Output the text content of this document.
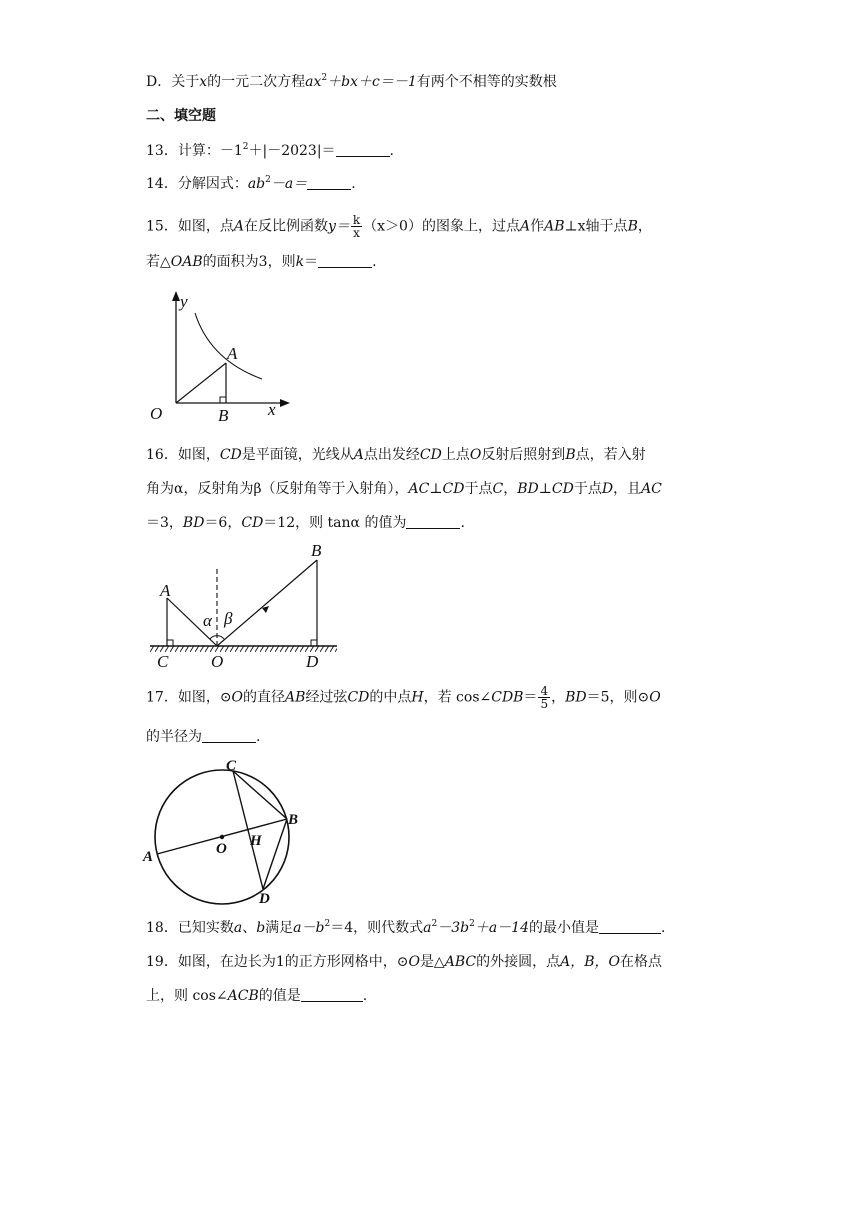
D．关于x的一元二次方程$ax^2+bx+c=-1$有两个不相等的实数根
二、填空题
13．计算：$-1^2+|-2023|=$	.
14．分解因式：$ab^2-a=$	.
15．如图，点A在反比例函数$y= \frac{k}{x} (x>0)$的图象上，过点A作AB⊥x轴于点B，
若△OAB的面积为3，则k＝	.
y
A
O	B x
16．如图，CD是平面镜，光线从A点出发经CD上点O反射后照射到B点，若入射
角为α，反射角为β（反射角等于入射角），AC⊥CD于点C，BD⊥CD于点D，且AC
＝3，BD＝6，CD＝12，则 tanα 的值为	.
A
B
C	O	D
α β
17．如图，⊙O的直径AB经过弦CD的中点H，若 cos∠CDB＝ $\frac{4}{5}$ ，BD＝5，则⊙O
的半径为	.
C
B
A	O H
D
18．已知实数a、b满足$a-b^2=4$，则代数式$a^2-3b^2+a-14$的最小值是	.
19．如图，在边长为1的正方形网格中，⊙O是△ABC的外接圆，点A，B，O在格点
上，则 cos∠ACB的值是	.
